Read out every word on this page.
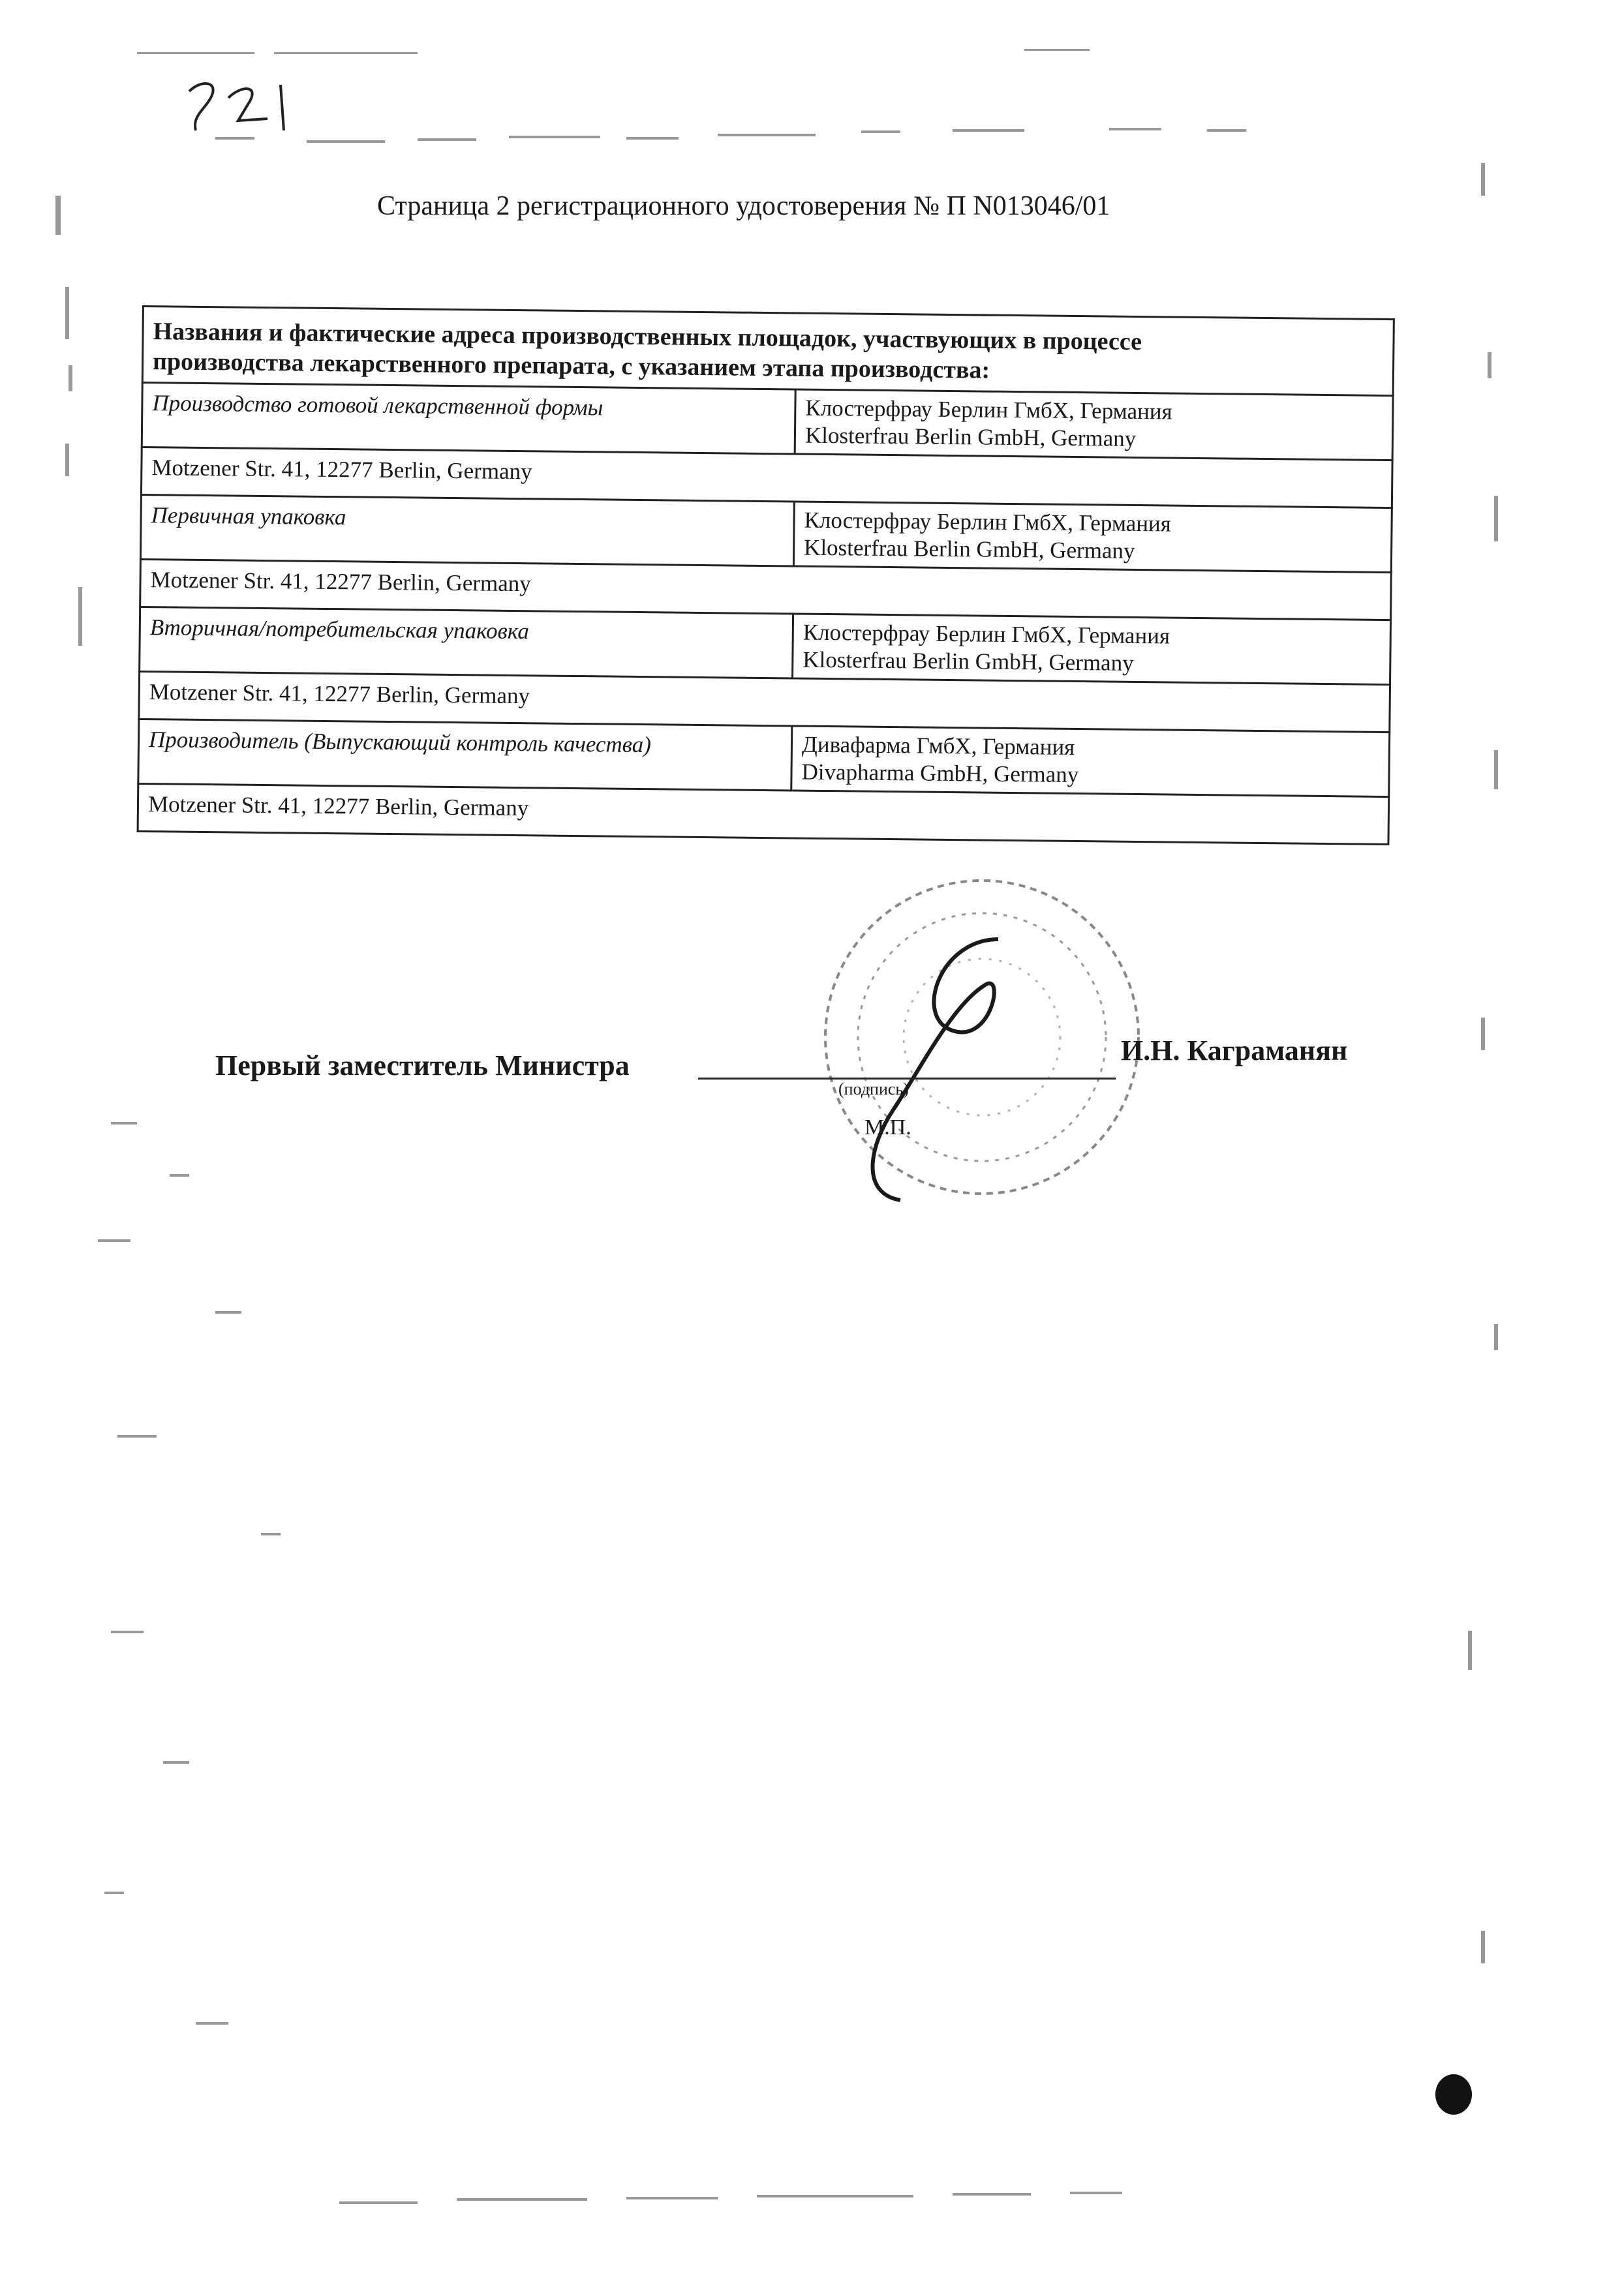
Страница 2 регистрационного удостоверения № П N013046/01
Названия и фактические адреса производственных площадок, участвующих в процессе
производства лекарственного препарата, с указанием этапа производства:	

Производство готовой лекарственной формы	Клостерфрау Берлин ГмбХ, Германия
Klosterfrau Berlin GmbH, Germany

Motzener Str. 41, 12277 Berlin, Germany	
Первичная упаковка	Клостерфрау Берлин ГмбХ, Германия
Klosterfrau Berlin GmbH, Germany

Motzener Str. 41, 12277 Berlin, Germany	
Вторичная/потребительская упаковка	Клостерфрау Берлин ГмбХ, Германия
Klosterfrau Berlin GmbH, Germany

Motzener Str. 41, 12277 Berlin, Germany	
Производитель (Выпускающий контроль качества)	Дивафарма ГмбХ, Германия
Divapharma GmbH, Germany

Motzener Str. 41, 12277 Berlin, Germany	
Первый заместитель Министра	И.Н. Каграманян
(подпись)
М.П.
